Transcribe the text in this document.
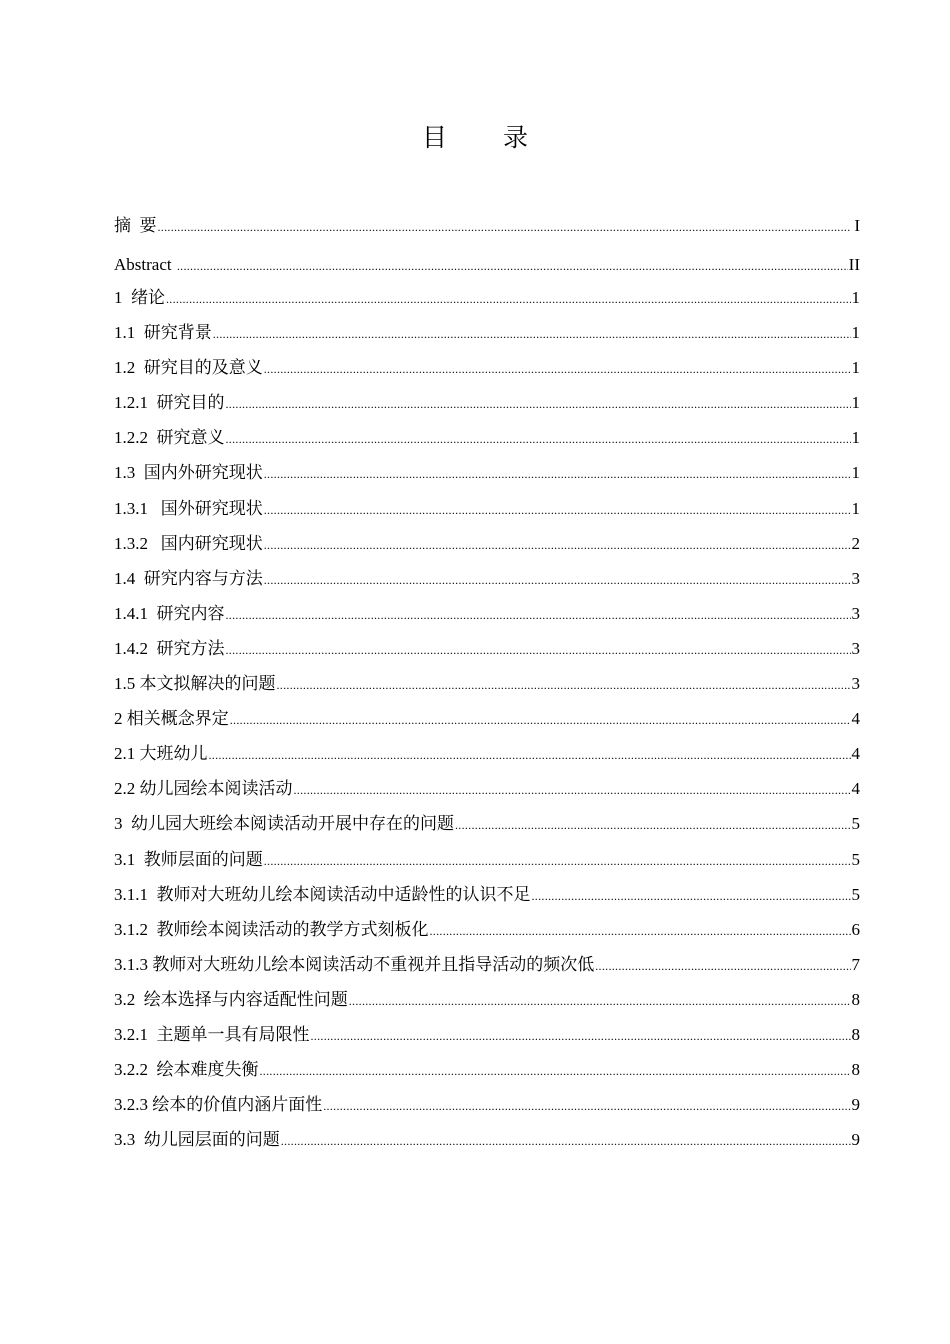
目 录
摘  要 .....	I
Abstract .....	II
1  绪论 .....	1
1.1  研究背景 .....	1
1.2  研究目的及意义 .....	1
1.2.1  研究目的 .....	1
1.2.2  研究意义 .....	1
1.3  国内外研究现状 .....	1
1.3.1   国外研究现状 .....	1
1.3.2   国内研究现状 .....	2
1.4  研究内容与方法 .....	3
1.4.1  研究内容 .....	3
1.4.2  研究方法 .....	3
1.5 本文拟解决的问题 .....	3
2 相关概念界定 .....	4
2.1 大班幼儿 .....	4
2.2 幼儿园绘本阅读活动 .....	4
3  幼儿园大班绘本阅读活动开展中存在的问题 .....	5
3.1  教师层面的问题 .....	5
3.1.1  教师对大班幼儿绘本阅读活动中适龄性的认识不足 .....	5
3.1.2  教师绘本阅读活动的教学方式刻板化 .....	6
3.1.3 教师对大班幼儿绘本阅读活动不重视并且指导活动的频次低 .....	7
3.2  绘本选择与内容适配性问题 .....	8
3.2.1  主题单一具有局限性 .....	8
3.2.2  绘本难度失衡 .....	8
3.2.3 绘本的价值内涵片面性 .....	9
3.3  幼儿园层面的问题 .....	9
